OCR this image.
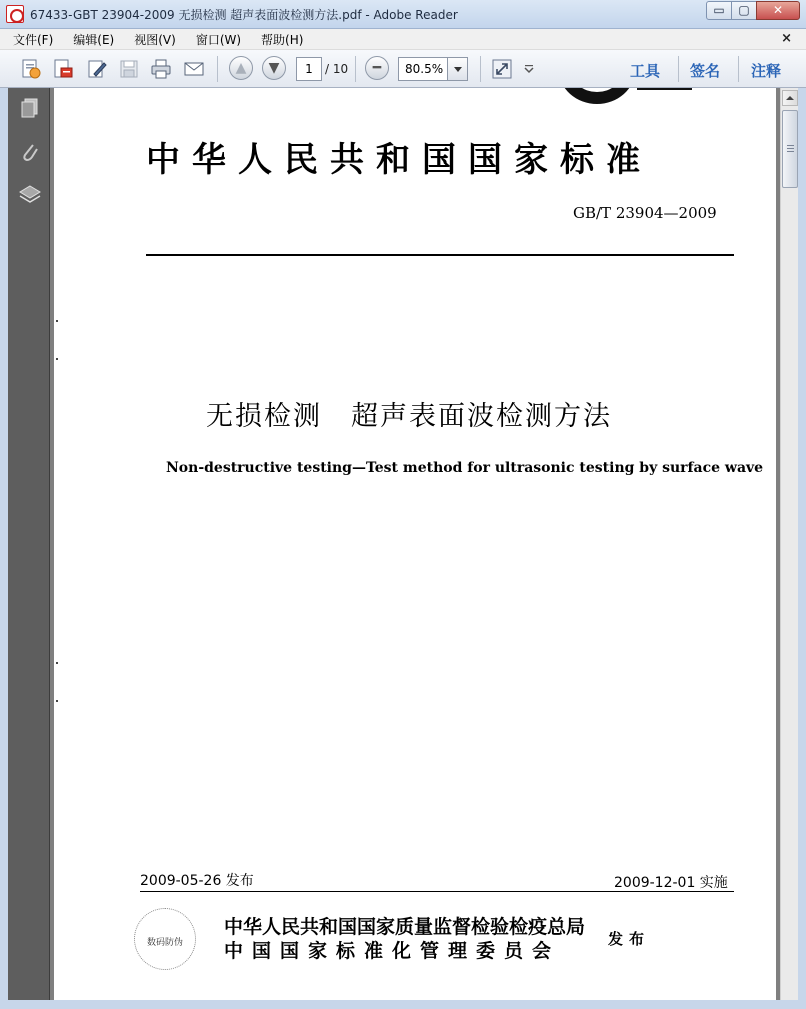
67433-GBT 23904-2009 无损检测 超声表面波检测方法.pdf - Adobe Reader	▭	▢	✕
文件(F) 编辑(E) 视图(V) 窗口(W) 帮助(H)	×
▲	▼	1	/ 10	━	80.5%	工具 签名 注释
中华人民共和国国家标准
GB/T 23904—2009
无损检测　超声表面波检测方法
Non-destructive testing—Test method for ultrasonic testing by surface wave
2009-05-26 发布	2009-12-01 实施
数码防伪
中华人民共和国国家质量监督检验检疫总局
中国国家标准化管理委员会
发布
